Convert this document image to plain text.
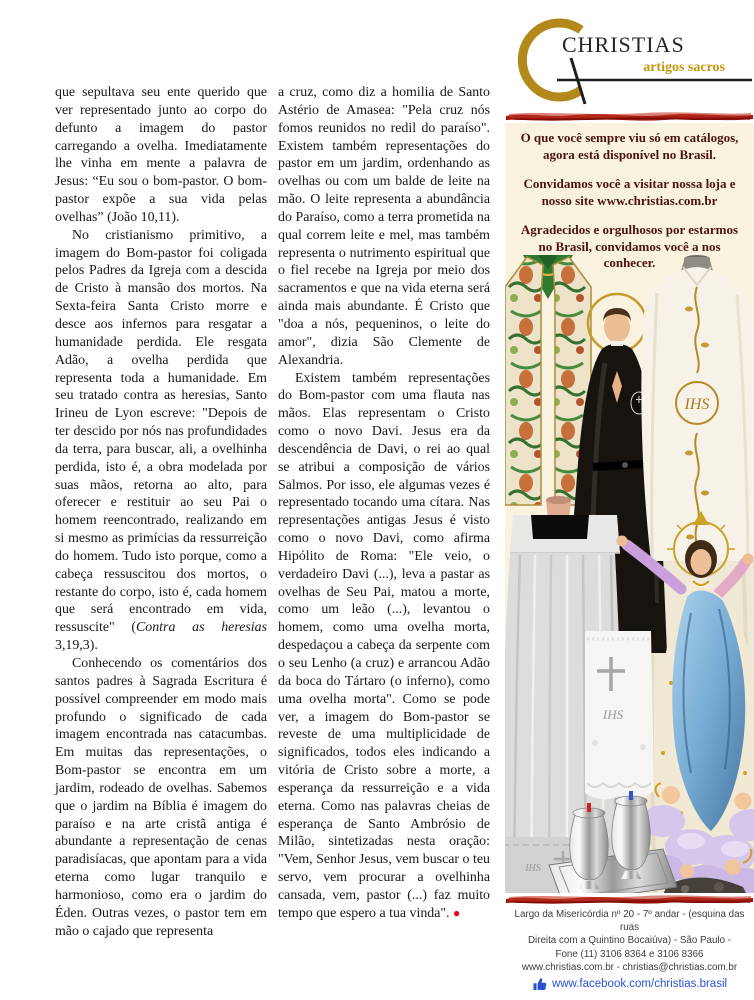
que sepultava seu ente querido que ver representado junto ao corpo do defunto a imagem do pastor carregando a ovelha. Imediatamente lhe vinha em mente a palavra de Jesus: “Eu sou o bom-pastor. O bom-pastor expõe a sua vida pelas ovelhas” (João 10,11).

No cristianismo primitivo, a imagem do Bom-pastor foi coligada pelos Padres da Igreja com a descida de Cristo à mansão dos mortos. Na Sexta-feira Santa Cristo morre e desce aos infernos para resgatar a humanidade perdida. Ele resgata Adão, a ovelha perdida que representa toda a humanidade. Em seu tratado contra as heresias, Santo Irineu de Lyon escreve: "Depois de ter descido por nós nas profundidades da terra, para buscar, ali, a ovelhinha perdida, isto é, a obra modelada por suas mãos, retorna ao alto, para oferecer e restituir ao seu Pai o homem reencontrado, realizando em si mesmo as primícias da ressurreição do homem. Tudo isto porque, como a cabeça ressuscitou dos mortos, o restante do corpo, isto é, cada homem que será encontrado em vida, ressuscite" (Contra as heresias 3,19,3).

Conhecendo os comentários dos santos padres à Sagrada Escritura é possível compreender em modo mais profundo o significado de cada imagem encontrada nas catacumbas. Em muitas das representações, o Bom-pastor se encontra em um jardim, rodeado de ovelhas. Sabemos que o jardim na Bíblia é imagem do paraíso e na arte cristã antiga é abundante a representação de cenas paradisíacas, que apontam para a vida eterna como lugar tranquilo e harmonioso, como era o jardim do Éden. Outras vezes, o pastor tem em mão o cajado que representa

a cruz, como diz a homilia de Santo Astério de Amasea: "Pela cruz nós fomos reunidos no redil do paraíso". Existem também representações do pastor em um jardim, ordenhando as ovelhas ou com um balde de leite na mão. O leite representa a abundância do Paraíso, como a terra prometida na qual correm leite e mel, mas também representa o nutrimento espiritual que o fiel recebe na Igreja por meio dos sacramentos e que na vida eterna será ainda mais abundante. É Cristo que "doa a nós, pequeninos, o leite do amor", dizia São Clemente de Alexandria.

Existem também representações do Bom-pastor com uma flauta nas mãos. Elas representam o Cristo como o novo Davi. Jesus era da descendência de Davi, o rei ao qual se atribui a composição de vários Salmos. Por isso, ele algumas vezes é representado tocando uma cítara. Nas representações antigas Jesus é visto como o novo Davi, como afirma Hipólito de Roma: "Ele veio, o verdadeiro Davi (...), leva a pastar as ovelhas de Seu Pai, matou a morte, como um leão (...), levantou o homem, como uma ovelha morta, despedaçou a cabeça da serpente com o seu Lenho (a cruz) e arrancou Adão da boca do Tártaro (o inferno), como uma ovelha morta". Como se pode ver, a imagem do Bom-pastor se reveste de uma multiplicidade de significados, todos eles indicando a vitória de Cristo sobre a morte, a esperança da ressurreição e a vida eterna. Como nas palavras cheias de esperança de Santo Ambrósio de Milão, sintetizadas nesta oração: "Vem, Senhor Jesus, vem buscar o teu servo, vem procurar a ovelhinha cansada, vem, pastor (...) faz muito tempo que espero a tua vinda". ●

CHRISTIAS
artigos sacros

O que você sempre viu só em catálogos, agora está disponível no Brasil.

Convidamos você a visitar nossa loja e nosso site www.christias.com.br

Agradecidos e orgulhosos por estarmos no Brasil, convidamos você a nos conhecer.

IHS
IHS
IHS
Largo da Misericórdia nº 20 - 7º andar - (esquina das ruas
Direita com a Quintino Bocaiúva) - São Paulo -
Fone (11) 3106 8364 e 3106 8366
www.christias.com.br - christias@christias.com.br
www.facebook.com/christias.brasil
